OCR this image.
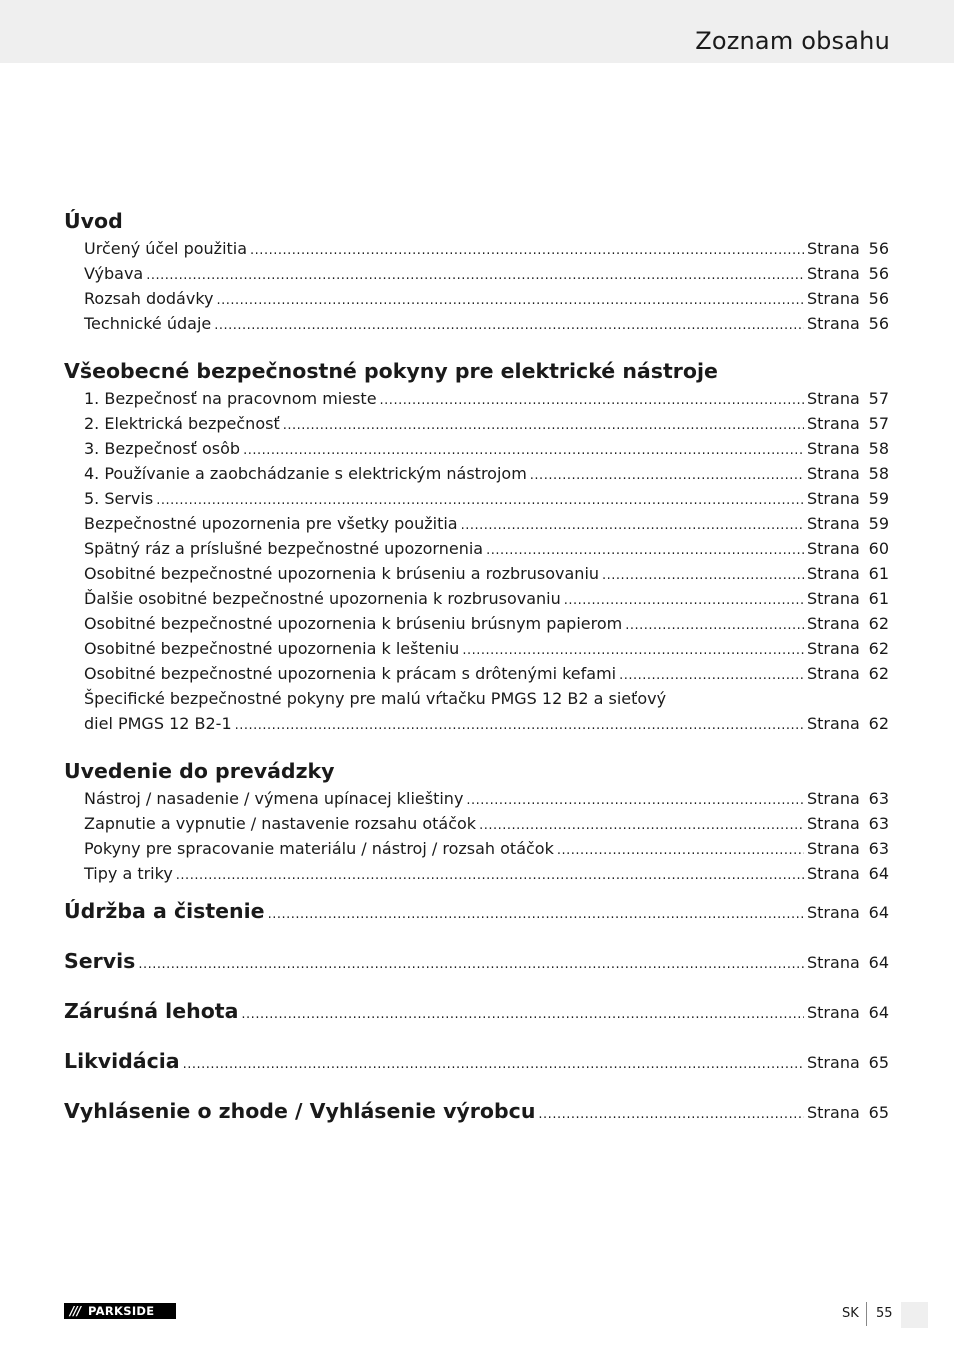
Zoznam obsahu
Úvod
Určený účel použitia .....	Strana 56
Výbava .....	Strana 56
Rozsah dodávky .....	Strana 56
Technické údaje .....	Strana 56
Všeobecné bezpečnostné pokyny pre elektrické nástroje
1. Bezpečnosť na pracovnom mieste .....	Strana 57
2. Elektrická bezpečnosť .....	Strana 57
3. Bezpečnosť osôb .....	Strana 58
4. Používanie a zaobchádzanie s elektrickým nástrojom .....	Strana 58
5. Servis .....	Strana 59
Bezpečnostné upozornenia pre všetky použitia .....	Strana 59
Spätný ráz a príslušné bezpečnostné upozornenia .....	Strana 60
Osobitné bezpečnostné upozornenia k brúseniu a rozbrusovaniu .....	Strana 61
Ďalšie osobitné bezpečnostné upozornenia k rozbrusovaniu .....	Strana 61
Osobitné bezpečnostné upozornenia k brúseniu brúsnym papierom .....	Strana 62
Osobitné bezpečnostné upozornenia k lešteniu .....	Strana 62
Osobitné bezpečnostné upozornenia k prácam s drôtenými kefami .....	Strana 62
Špecifické bezpečnostné pokyny pre malú vŕtačku PMGS 12 B2 a sieťový
diel PMGS 12 B2-1 .....	Strana 62
Uvedenie do prevádzky
Nástroj / nasadenie / výmena upínacej klieštiny .....	Strana 63
Zapnutie a vypnutie / nastavenie rozsahu otáčok .....	Strana 63
Pokyny pre spracovanie materiálu / nástroj / rozsah otáčok .....	Strana 63
Tipy a triky .....	Strana 64
Údržba a čistenie .....	Strana 64
Servis .....	Strana 64
Záruśná lehota .....	Strana 64
Likvidácia .....	Strana 65
Vyhlásenie o zhode / Vyhlásenie výrobcu .....	Strana 65
/// PARKSIDE	SK 55
